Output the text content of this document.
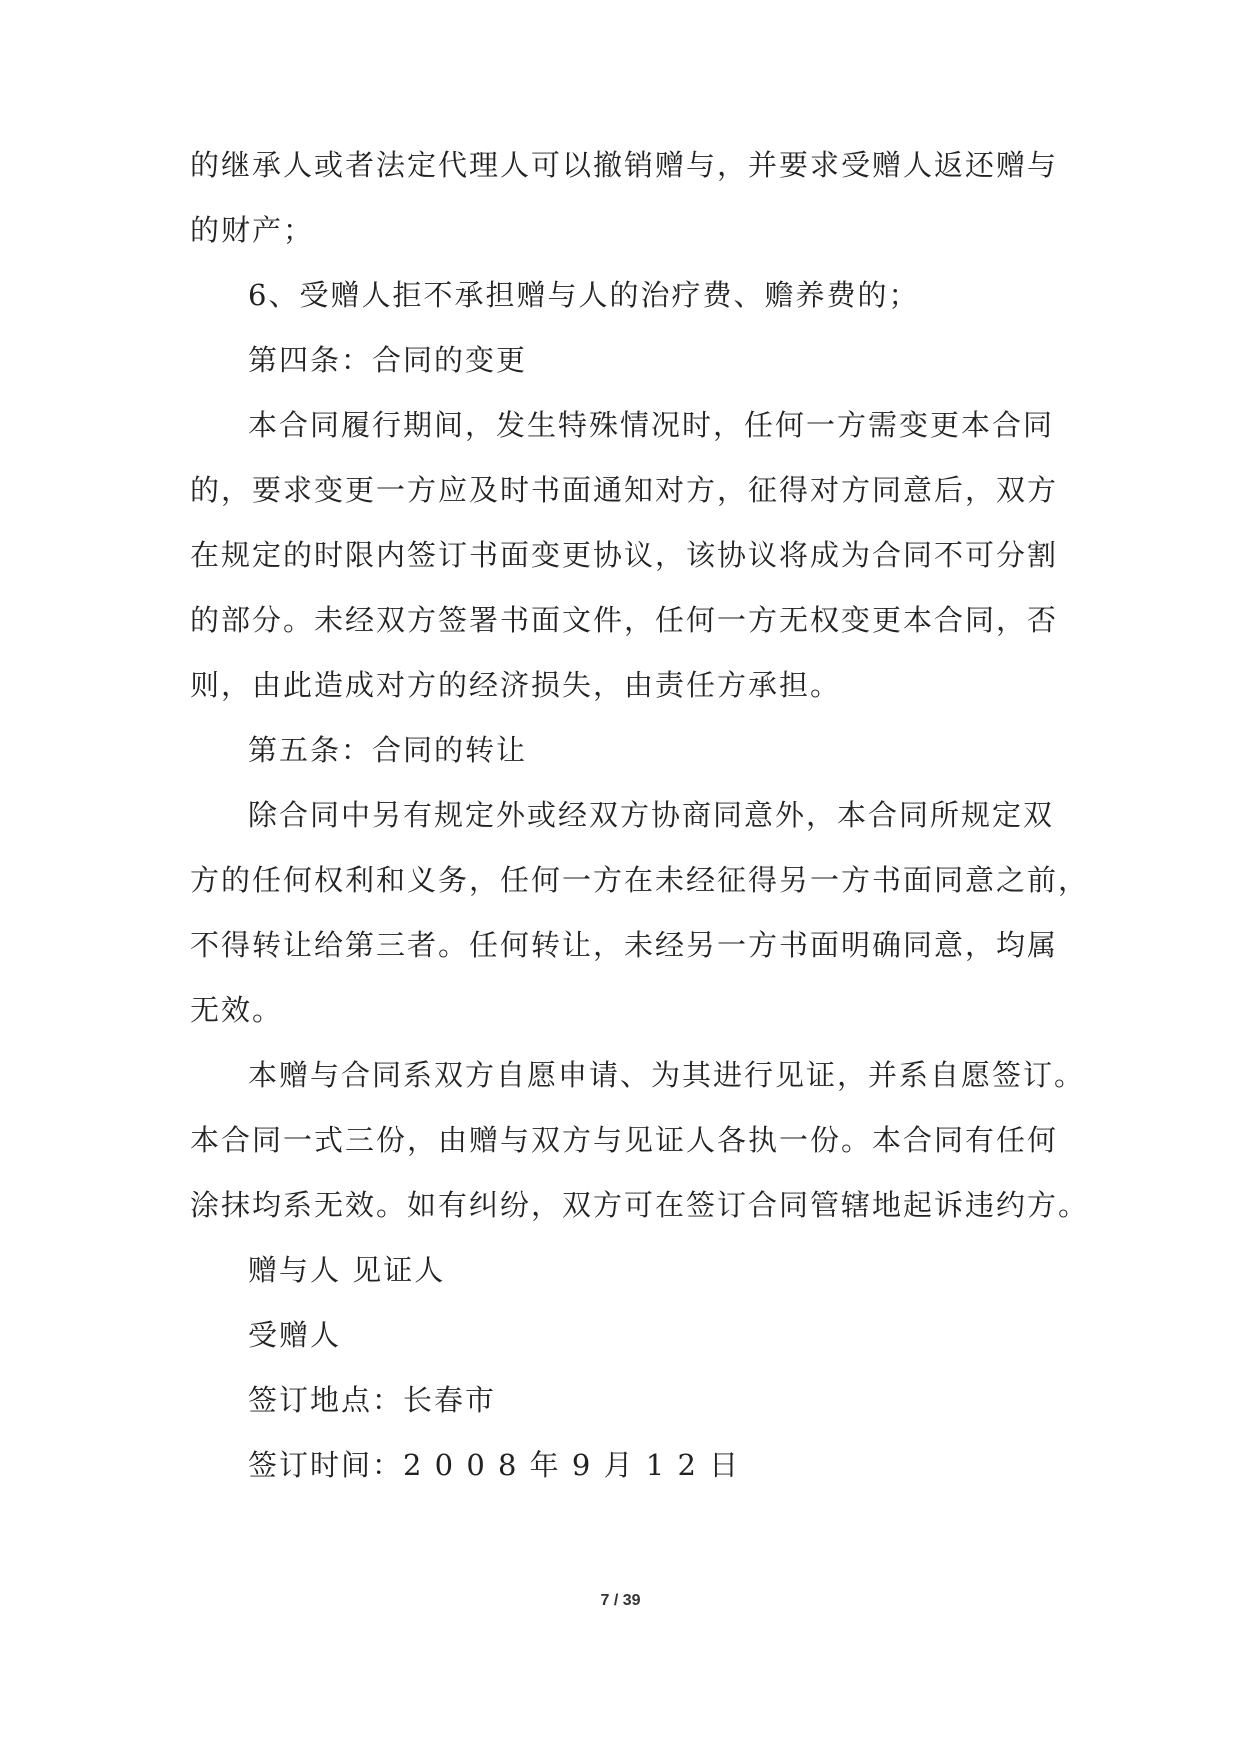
的继承人或者法定代理人可以撤销赠与，并要求受赠人返还赠与
的财产；
6、受赠人拒不承担赠与人的治疗费、赡养费的；
第四条：合同的变更
本合同履行期间，发生特殊情况时，任何一方需变更本合同
的，要求变更一方应及时书面通知对方，征得对方同意后，双方
在规定的时限内签订书面变更协议，该协议将成为合同不可分割
的部分。未经双方签署书面文件，任何一方无权变更本合同，否
则，由此造成对方的经济损失，由责任方承担。
第五条：合同的转让
除合同中另有规定外或经双方协商同意外，本合同所规定双
方的任何权利和义务，任何一方在未经征得另一方书面同意之前，
不得转让给第三者。任何转让，未经另一方书面明确同意，均属
无效。
本赠与合同系双方自愿申请、为其进行见证，并系自愿签订。
本合同一式三份，由赠与双方与见证人各执一份。本合同有任何
涂抹均系无效。如有纠纷，双方可在签订合同管辖地起诉违约方。
赠与人 见证人
受赠人
签订地点：长春市
签订时间：2 0 0 8 年 9 月 1 2 日
7 / 39
